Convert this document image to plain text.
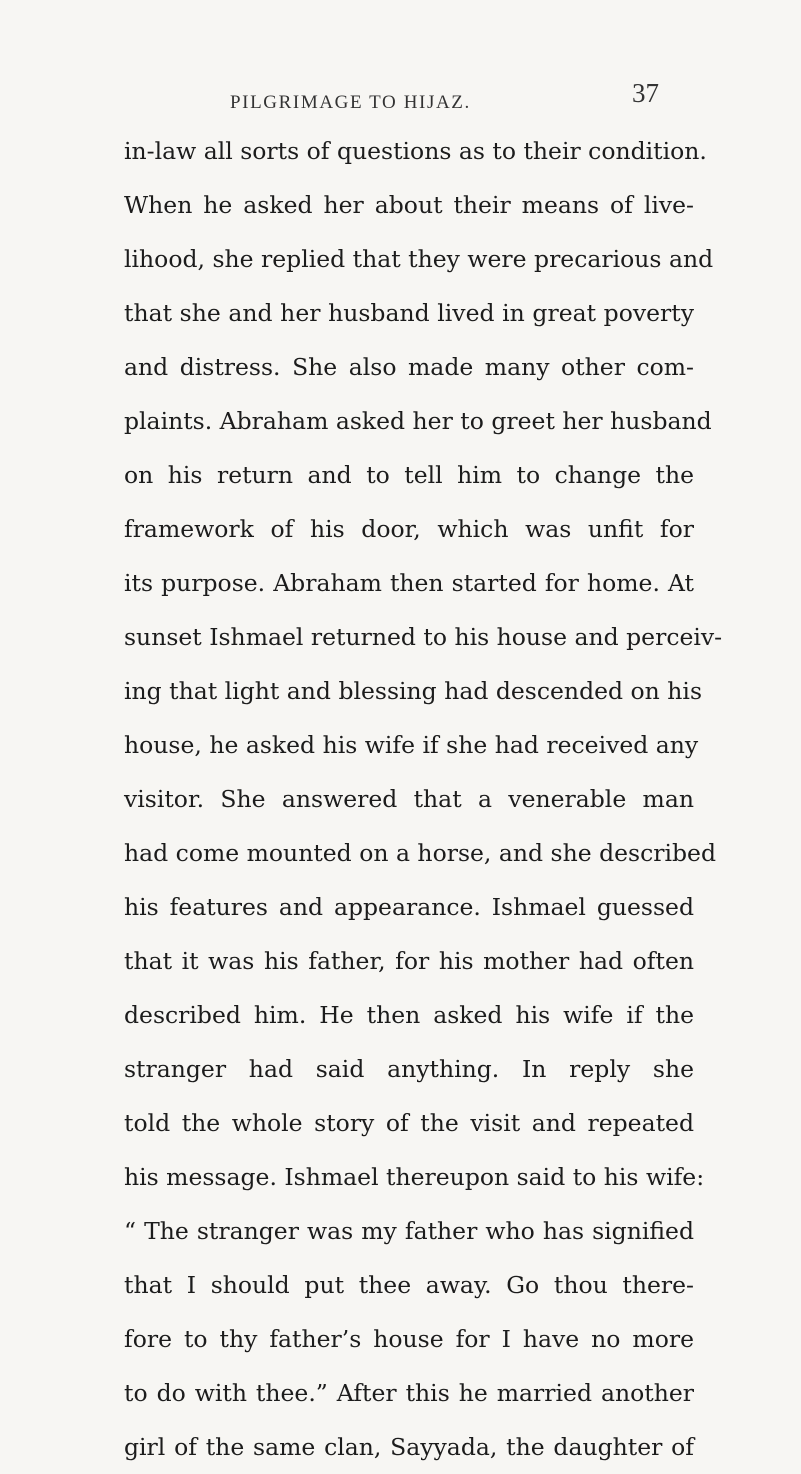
PILGRIMAGE TO HIJAZ.	37
in-law all sorts of questions as to their condition.
When he asked her about their means of live-
lihood, she replied that they were precarious and
that she and her husband lived in great poverty
and distress. She also made many other com-
plaints. Abraham asked her to greet her husband
on his return and to tell him to change the
framework of his door, which was unfit for
its purpose. Abraham then started for home. At
sunset Ishmael returned to his house and perceiv-
ing that light and blessing had descended on his
house, he asked his wife if she had received any
visitor. She answered that a venerable man
had come mounted on a horse, and she described
his features and appearance. Ishmael guessed
that it was his father, for his mother had often
described him. He then asked his wife if the
stranger had said anything. In reply she
told the whole story of the visit and repeated
his message. Ishmael thereupon said to his wife:
“ The stranger was my father who has signified
that I should put thee away. Go thou there-
fore to thy father’s house for I have no more
to do with thee.” After this he married another
girl of the same clan, Sayyada, the daughter of
